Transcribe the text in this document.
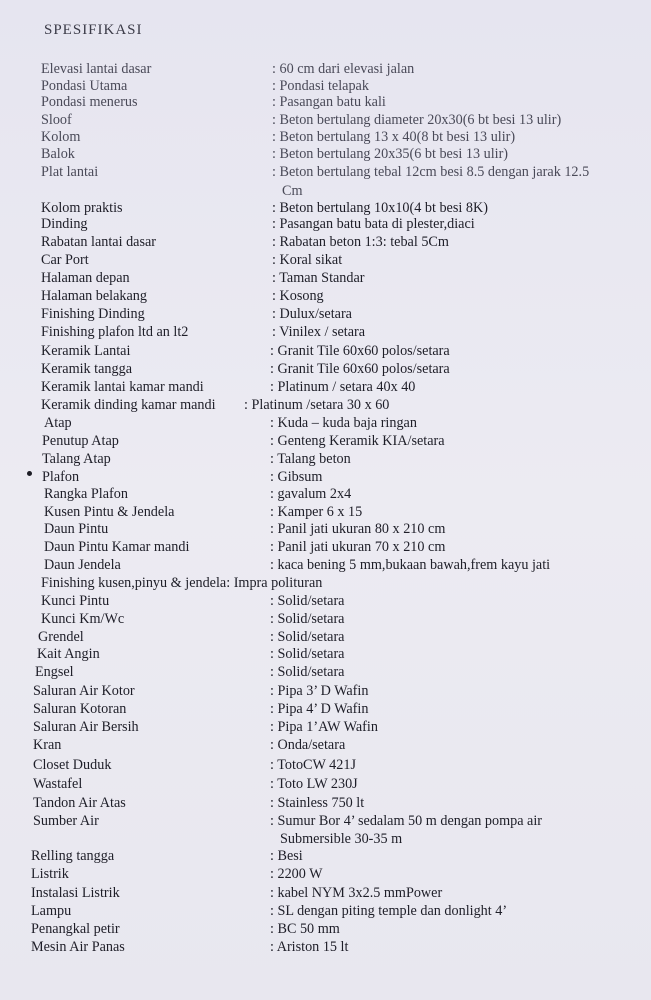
SPESIFIKASI
Elevasi lantai dasar	: 60 cm dari elevasi jalan
Pondasi Utama	: Pondasi telapak
Pondasi menerus	: Pasangan batu kali
Sloof	: Beton bertulang diameter 20x30(6 bt besi 13 ulir)
Kolom	: Beton bertulang 13 x 40(8 bt besi 13 ulir)
Balok	: Beton bertulang 20x35(6 bt besi 13 ulir)
Plat lantai	: Beton bertulang tebal 12cm besi 8.5 dengan jarak 12.5
Cm
Kolom praktis	: Beton bertulang 10x10(4 bt besi 8K)
Dinding	: Pasangan batu bata di plester,diaci
Rabatan lantai dasar	: Rabatan beton 1:3: tebal 5Cm
Car Port	: Koral sikat
Halaman depan	: Taman Standar
Halaman belakang	: Kosong
Finishing Dinding	: Dulux/setara
Finishing plafon ltd an lt2	: Vinilex / setara
Keramik Lantai	: Granit Tile 60x60 polos/setara
Keramik tangga	: Granit Tile 60x60 polos/setara
Keramik lantai kamar mandi	: Platinum / setara 40x 40
Keramik dinding kamar mandi : Platinum /setara 30 x 60
Atap	: Kuda – kuda baja ringan
Penutup Atap	: Genteng Keramik KIA/setara
Talang Atap	: Talang beton
Plafon	: Gibsum
Rangka Plafon	: gavalum 2x4
Kusen Pintu & Jendela	: Kamper 6 x 15
Daun Pintu	: Panil jati ukuran 80 x 210 cm
Daun Pintu Kamar mandi	: Panil jati ukuran 70 x 210 cm
Daun Jendela	: kaca bening 5 mm,bukaan bawah,frem kayu jati
Finishing kusen,pinyu & jendela: Impra polituran
Kunci Pintu	: Solid/setara
Kunci Km/Wc	: Solid/setara
Grendel	: Solid/setara
Kait Angin	: Solid/setara
Engsel	: Solid/setara
Saluran Air Kotor	: Pipa 3’ D Wafin
Saluran Kotoran	: Pipa 4’ D Wafin
Saluran Air Bersih	: Pipa 1’AW Wafin
Kran	: Onda/setara
Closet Duduk	: TotoCW 421J
Wastafel	: Toto LW 230J
Tandon Air Atas	: Stainless 750 lt
Sumber Air	: Sumur Bor 4’ sedalam 50 m dengan pompa air
Submersible 30-35 m
Relling tangga	: Besi
Listrik	: 2200 W
Instalasi Listrik	: kabel NYM 3x2.5 mmPower
Lampu	: SL dengan piting temple dan donlight 4’
Penangkal petir	: BC 50 mm
Mesin Air Panas	: Ariston 15 lt
